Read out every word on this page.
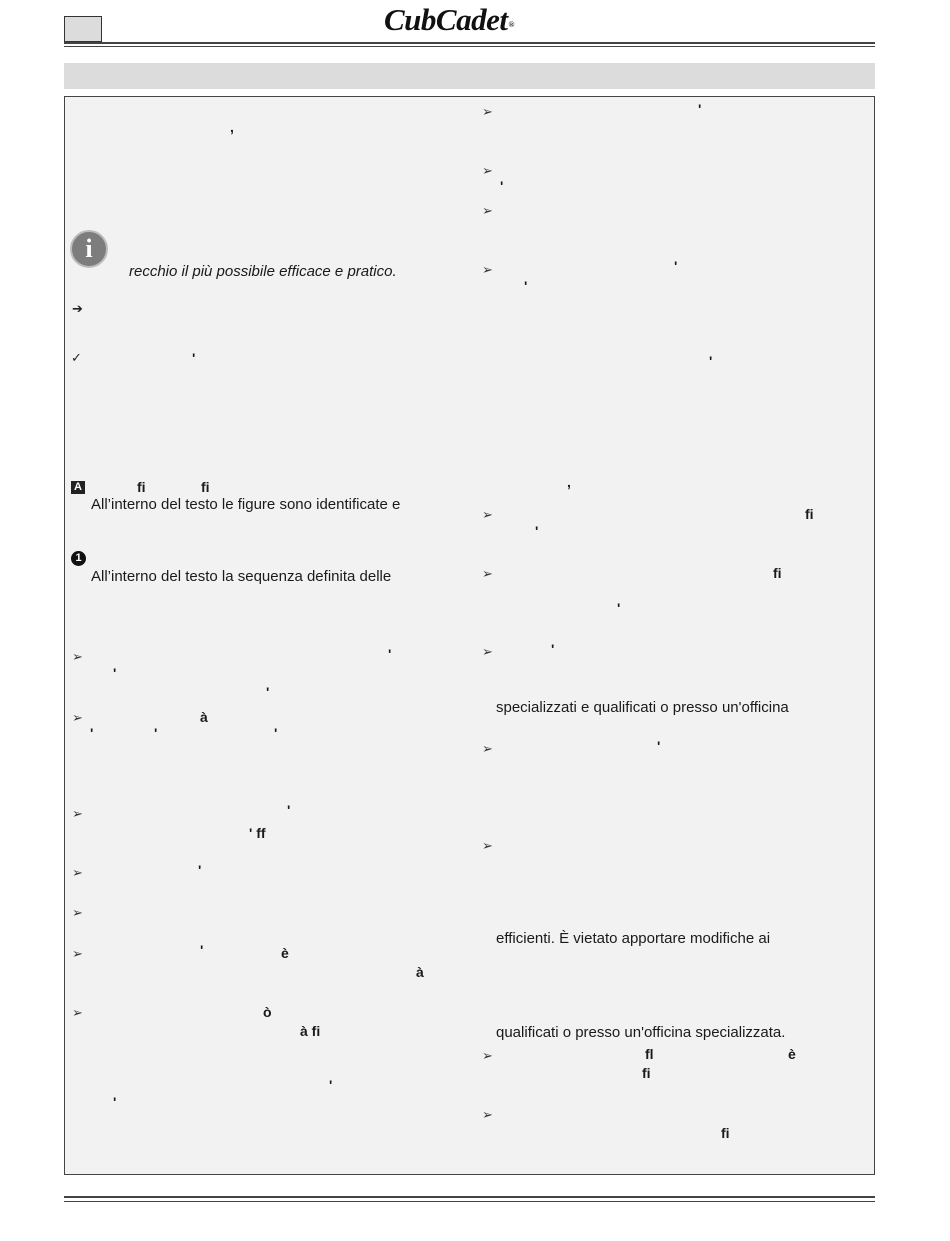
CubCadet®
,
i
recchio il più possibile efficace e pratico.
➔
✓	'
A	fi	fi
All’interno del testo le figure sono identificate e
1
All’interno del testo la sequenza definita delle
➢	'
'
'
➢	à
'	'	'
➢	'
' ff
➢	'
➢
➢	'	è
à
➢	ò
à fi
'
'
➢	'
➢
'
➢
➢	'
'
'
,
➢	fi
'
➢	fi
'
➢	'
specializzati e qualificati o presso un'officina
➢	'
➢
efficienti. È vietato apportare modifiche ai
qualificati o presso un'officina specializzata.
➢	fl	è
fi
➢
fi
